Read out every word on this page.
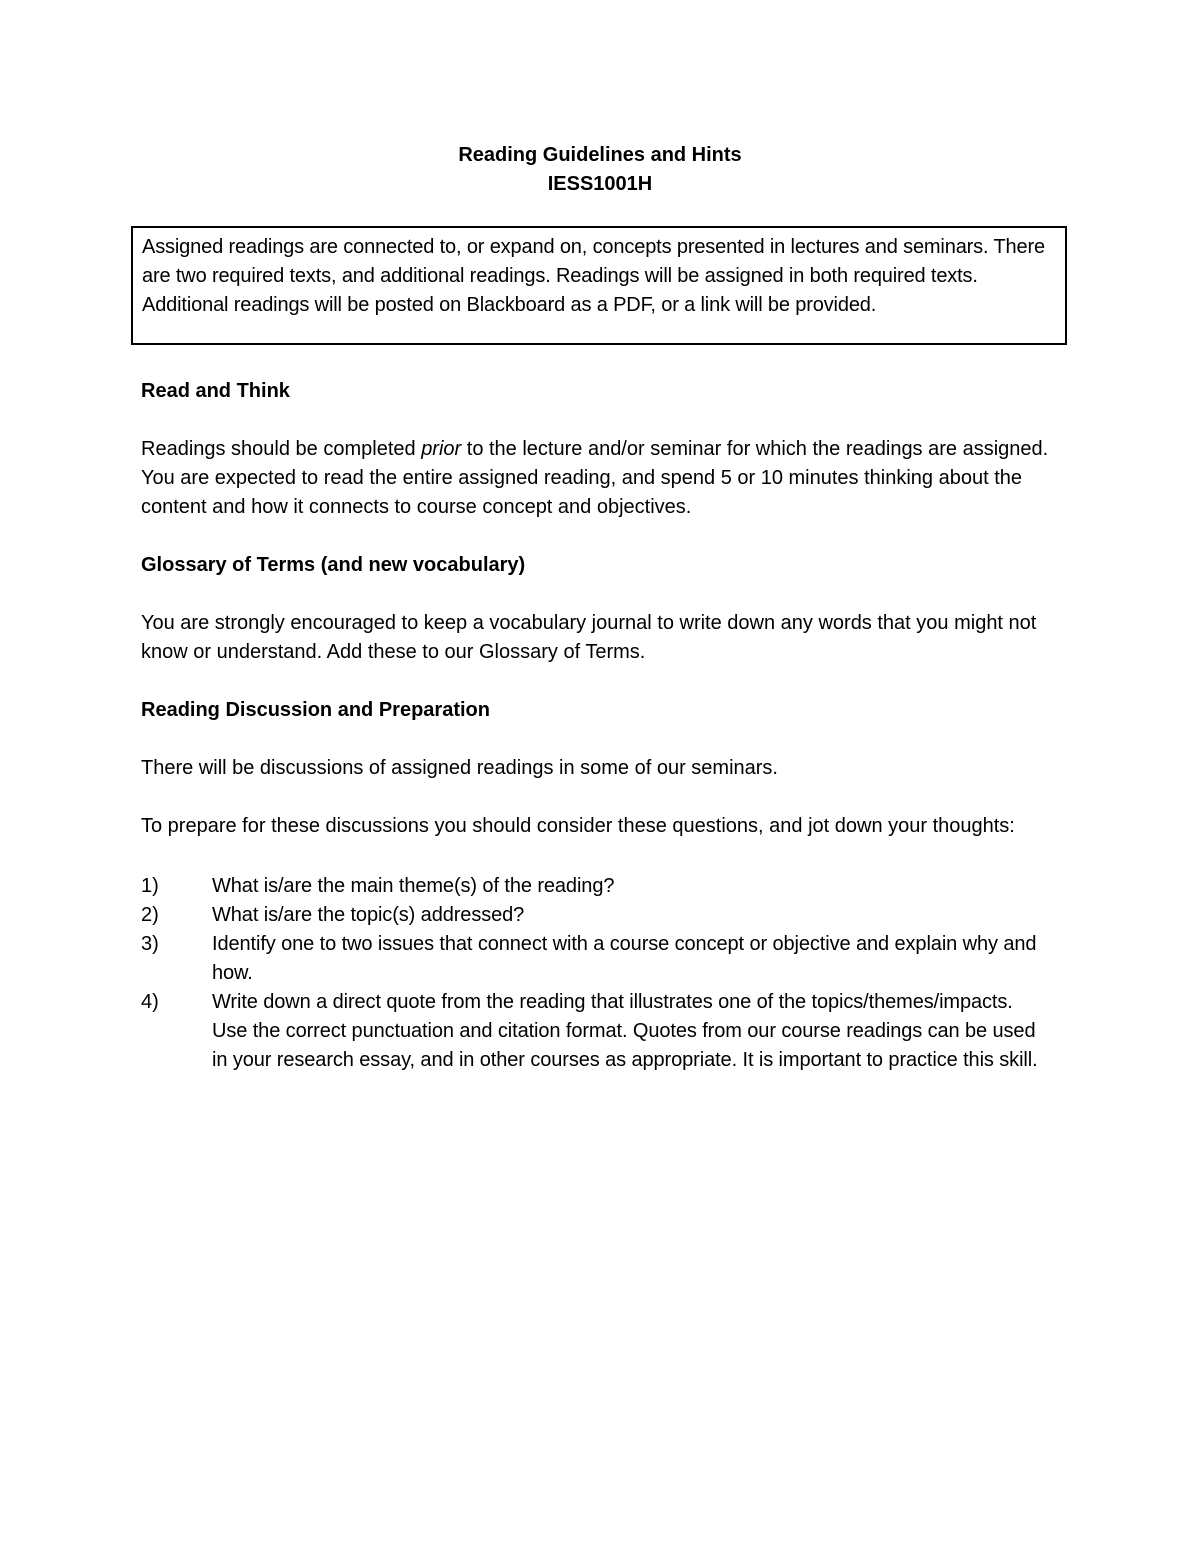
Reading Guidelines and Hints
IESS1001H
Assigned readings are connected to, or expand on, concepts presented in lectures and seminars. There are two required texts, and additional readings. Readings will be assigned in both required texts. Additional readings will be posted on Blackboard as a PDF, or a link will be provided.

Read and Think

Readings should be completed prior to the lecture and/or seminar for which the readings are assigned. You are expected to read the entire assigned reading, and spend 5 or 10 minutes thinking about the content and how it connects to course concept and objectives.

Glossary of Terms (and new vocabulary)

You are strongly encouraged to keep a vocabulary journal to write down any words that you might not know or understand. Add these to our Glossary of Terms.

Reading Discussion and Preparation

There will be discussions of assigned readings in some of our seminars.

To prepare for these discussions you should consider these questions, and jot down your thoughts:

1)	What is/are the main theme(s) of the reading?
2)	What is/are the topic(s) addressed?
3)	Identify one to two issues that connect with a course concept or objective and explain why and how.
4)	Write down a direct quote from the reading that illustrates one of the topics/themes/impacts. Use the correct punctuation and citation format. Quotes from our course readings can be used in your research essay, and in other courses as appropriate. It is important to practice this skill.
